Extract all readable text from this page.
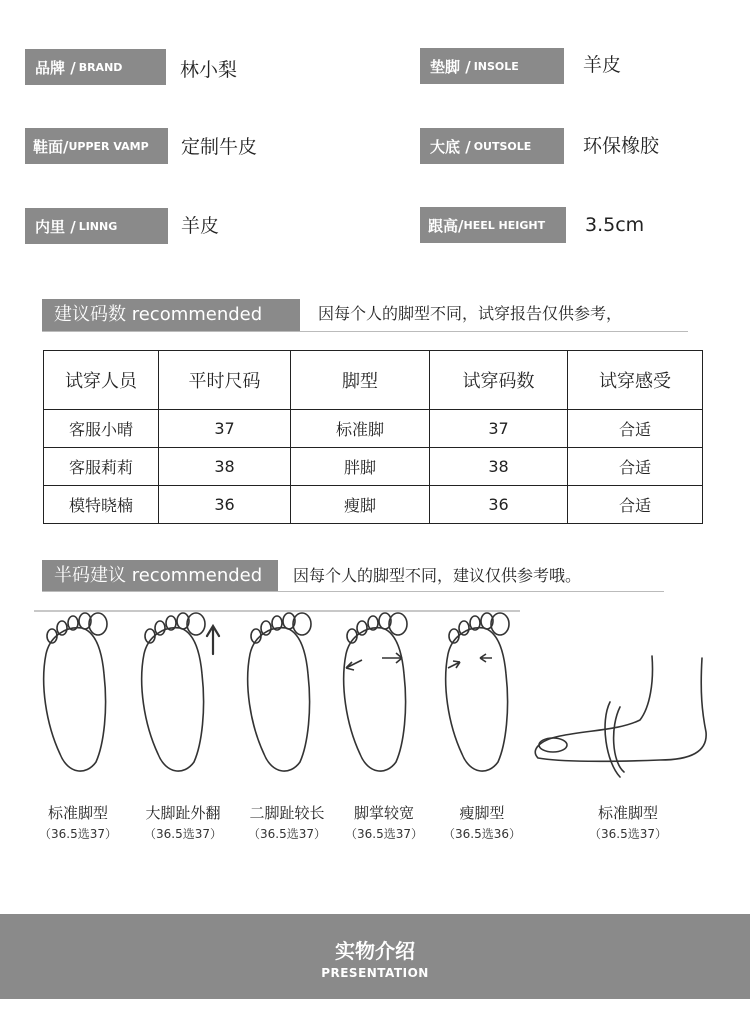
品牌 / BRAND	林小梨	垫脚 / INSOLE	羊皮
鞋面/ UPPER VAMP 定制牛皮	大底 / OUTSOLE	环保橡胶
内里 / LINNG	羊皮	跟高/ HEEL HEIGHT 3.5cm
建议码数 recommended	因每个人的脚型不同，试穿报告仅供参考，
试穿人员	平时尺码	脚型	试穿码数	试穿感受
客服小晴	37	标准脚	37	合适
客服莉莉	38	胖脚	38	合适
模特晓楠	36	瘦脚	36	合适
半码建议 recommended	因每个人的脚型不同，建议仅供参考哦。
标准脚型
（36.5选37）
大脚趾外翻
（36.5选37）
二脚趾较长
（36.5选37）
脚掌较宽
（36.5选37）
瘦脚型
（36.5选36）
标准脚型
（36.5选37）
实物介绍
PRESENTATION
